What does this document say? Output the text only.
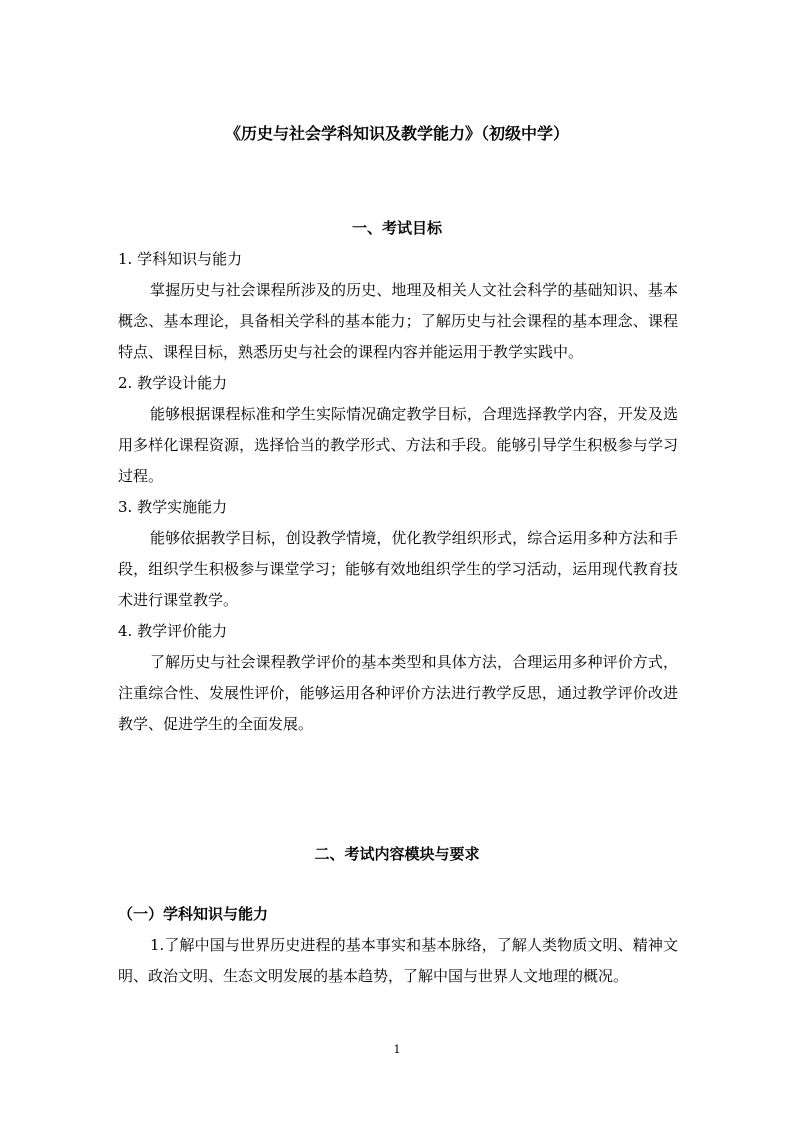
《历史与社会学科知识及教学能力》（初级中学）
一、考试目标

1. 学科知识与能力

掌握历史与社会课程所涉及的历史、地理及相关人文社会科学的基础知识、基本概念、基本理论，具备相关学科的基本能力；了解历史与社会课程的基本理念、课程特点、课程目标，熟悉历史与社会的课程内容并能运用于教学实践中。

2. 教学设计能力

能够根据课程标准和学生实际情况确定教学目标，合理选择教学内容，开发及选用多样化课程资源，选择恰当的教学形式、方法和手段。能够引导学生积极参与学习过程。

3. 教学实施能力

能够依据教学目标，创设教学情境，优化教学组织形式，综合运用多种方法和手段，组织学生积极参与课堂学习；能够有效地组织学生的学习活动，运用现代教育技术进行课堂教学。

4. 教学评价能力

了解历史与社会课程教学评价的基本类型和具体方法，合理运用多种评价方式，注重综合性、发展性评价，能够运用各种评价方法进行教学反思，通过教学评价改进教学、促进学生的全面发展。

二、考试内容模块与要求
（一）学科知识与能力

1.了解中国与世界历史进程的基本事实和基本脉络，了解人类物质文明、精神文明、政治文明、生态文明发展的基本趋势，了解中国与世界人文地理的概况。

1
